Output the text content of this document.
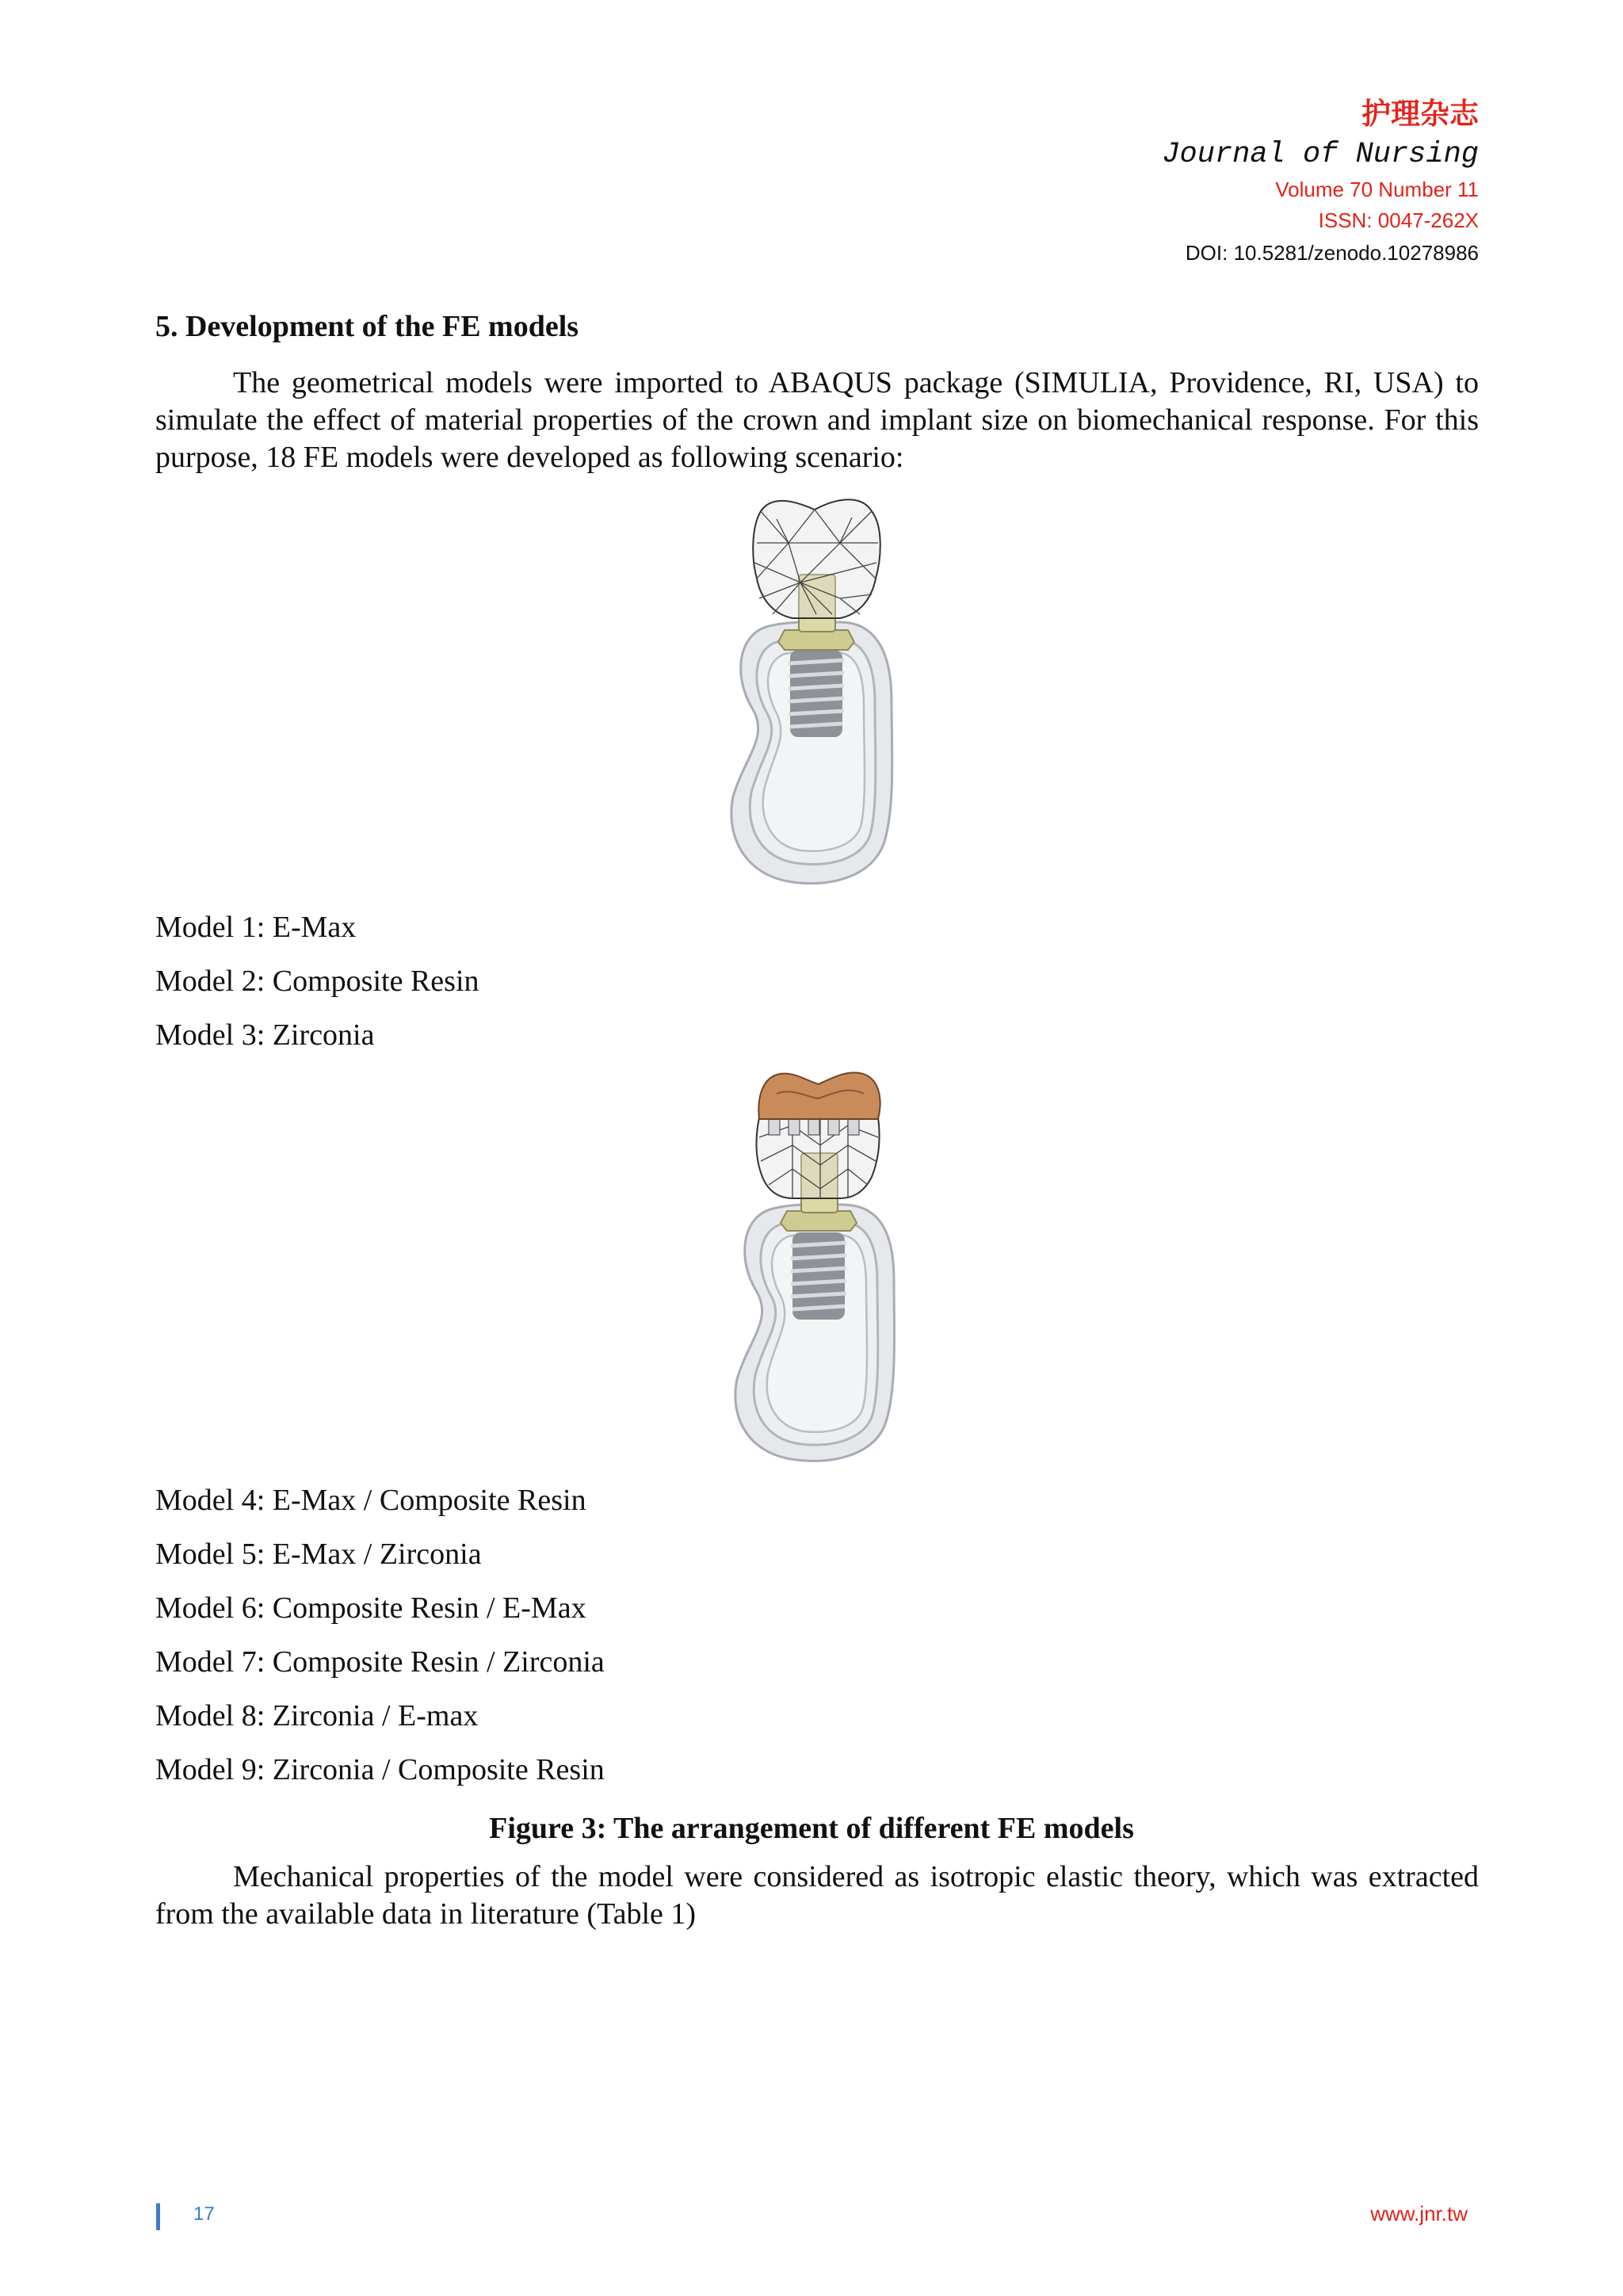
护理杂志
Journal of Nursing
Volume 70 Number 11
ISSN: 0047-262X
DOI: 10.5281/zenodo.10278986
5. Development of the FE models
The geometrical models were imported to ABAQUS package (SIMULIA, Providence, RI, USA) to simulate the effect of material properties of the crown and implant size on biomechanical response. For this purpose, 18 FE models were developed as following scenario:
Model 1: E-Max
Model 2: Composite Resin
Model 3: Zirconia
Model 4: E-Max / Composite Resin
Model 5: E-Max / Zirconia
Model 6: Composite Resin / E-Max
Model 7: Composite Resin / Zirconia
Model 8: Zirconia / E-max
Model 9: Zirconia / Composite Resin
Figure 3: The arrangement of different FE models
Mechanical properties of the model were considered as isotropic elastic theory, which was extracted from the available data in literature (Table 1)
17	www.jnr.tw
